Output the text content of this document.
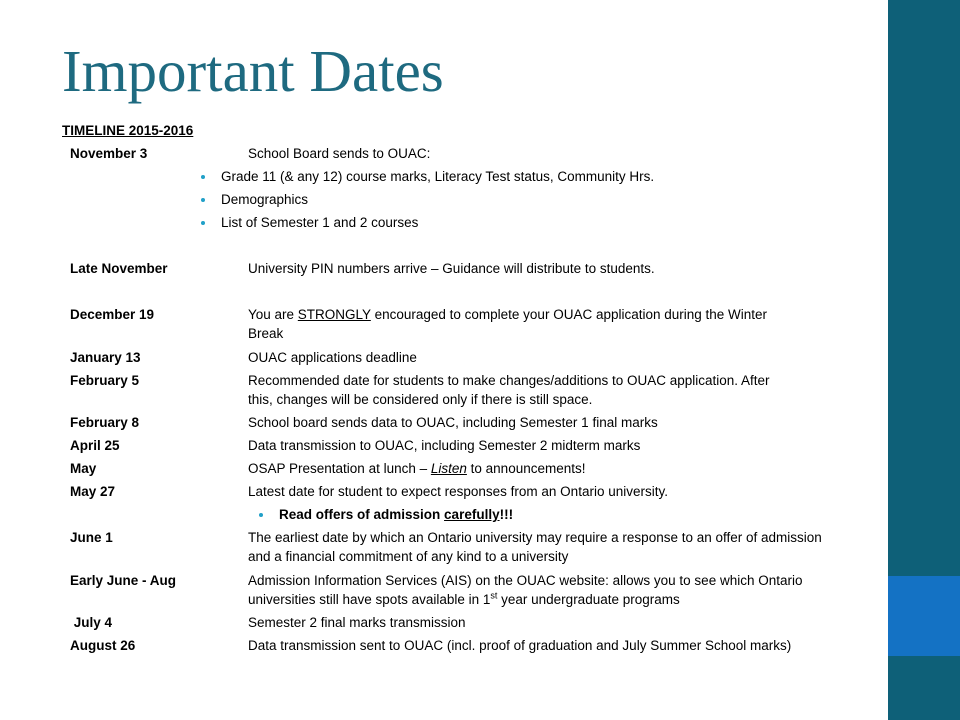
Important Dates
TIMELINE 2015-2016
November 3	School Board sends to OUAC:
Grade 11 (& any 12) course marks, Literacy Test status, Community Hrs.
Demographics
List of Semester 1 and 2 courses
Late November	University PIN numbers arrive – Guidance will distribute to students.
December 19	You are STRONGLY encouraged to complete your OUAC application during the Winter
Break
January 13	OUAC applications deadline
February 5	Recommended date for students to make changes/additions to OUAC application. After
this, changes will be considered only if there is still space.
February 8	School board sends data to OUAC, including Semester 1 final marks
April 25	Data transmission to OUAC, including Semester 2 midterm marks
May	OSAP Presentation at lunch – Listen to announcements!
May 27	Latest date for student to expect responses from an Ontario university.
Read offers of admission carefully!!!
June 1	The earliest date by which an Ontario university may require a response to an offer of admission
and a financial commitment of any kind to a university
Early June - Aug	Admission Information Services (AIS) on the OUAC website: allows you to see which Ontario
universities still have spots available in 1st year undergraduate programs
July 4	Semester 2 final marks transmission
August 26	Data transmission sent to OUAC (incl. proof of graduation and July Summer School marks)
